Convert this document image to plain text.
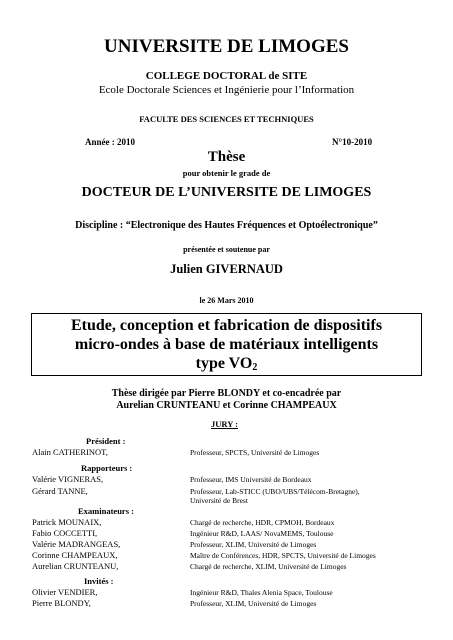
UNIVERSITE DE LIMOGES
COLLEGE DOCTORAL de SITE
Ecole Doctorale Sciences et Ingénierie pour l’Information
FACULTE DES SCIENCES ET TECHNIQUES
Année : 2010	N°10-2010
Thèse
pour obtenir le grade de
DOCTEUR DE L’UNIVERSITE DE LIMOGES
Discipline : “Electronique des Hautes Fréquences et Optoélectronique”
présentée et soutenue par
Julien GIVERNAUD
le 26 Mars 2010
Etude, conception et fabrication de dispositifs
micro-ondes à base de matériaux intelligents
type $VO_2$
Thèse dirigée par Pierre BLONDY et co-encadrée par
Aurelian CRUNTEANU et Corinne CHAMPEAUX
JURY :
Président :
Alain CATHERINOT,	Professeur, SPCTS, Université de Limoges
Rapporteurs :
Valérie VIGNERAS,	Professeur, IMS Université de Bordeaux
Gérard TANNE,	Professeur, Lab-STICC (UBO/UBS/Télécom-Bretagne),
Université de Brest
Examinateurs :
Patrick MOUNAIX,	Chargé de recherche, HDR, CPMOH, Bordeaux
Fabio COCCETTI,	Ingénieur R&D, LAAS/ NovaMEMS, Toulouse
Valérie MADRANGEAS,	Professeur, XLIM, Université de Limoges
Corinne CHAMPEAUX,	Maître de Conférences, HDR, SPCTS, Université de Limoges
Aurelian CRUNTEANU,	Chargé de recherche, XLIM, Université de Limoges
Invités :
Olivier VENDIER,	Ingénieur R&D, Thales Alenia Space, Toulouse
Pierre BLONDY,	Professeur, XLIM, Université de Limoges
